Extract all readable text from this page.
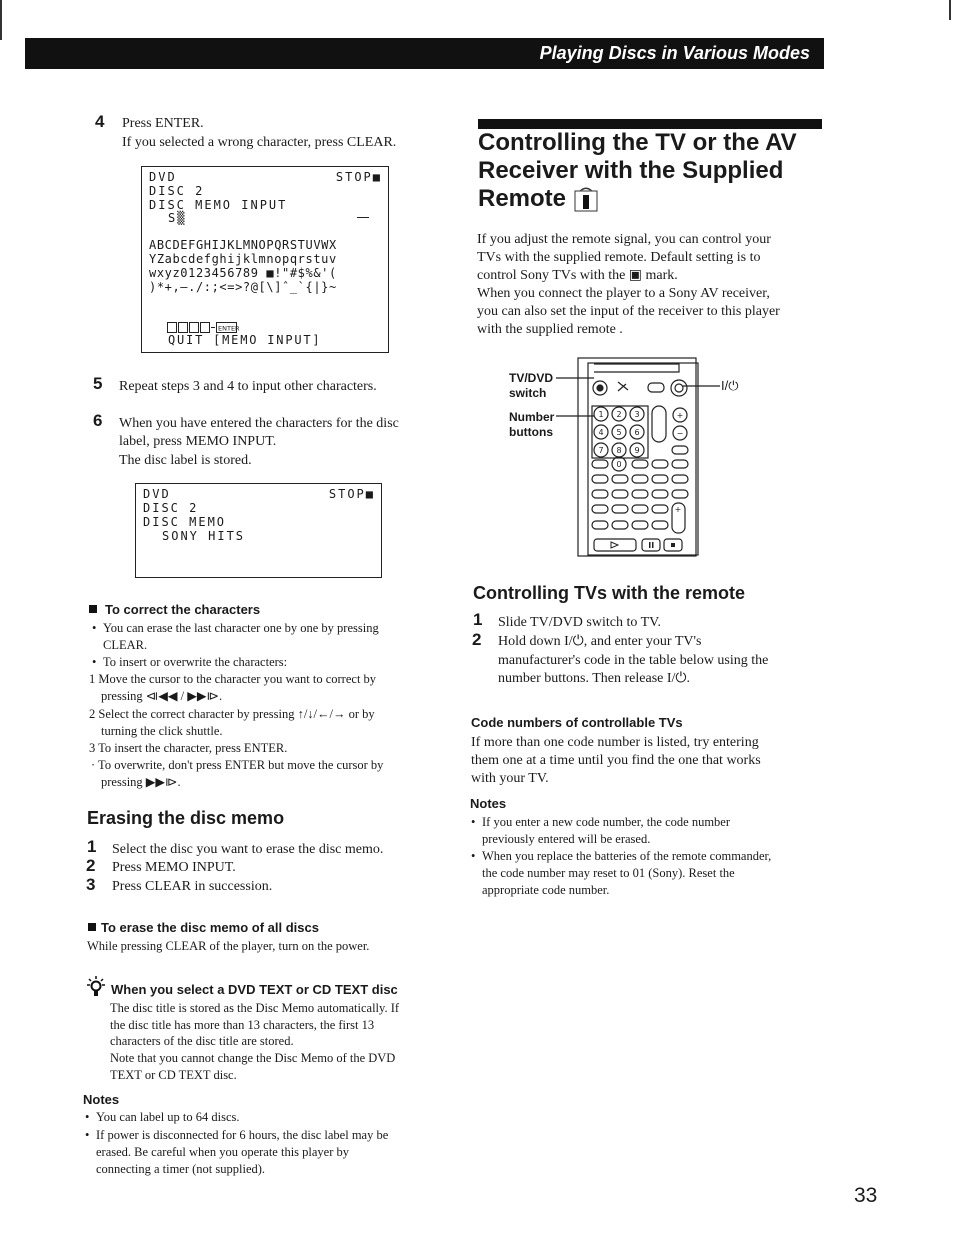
Playing Discs in Various Modes
4 Press ENTER.
If you selected a wrong character, press CLEAR.
DVD	STOP■
DISC 2
DISC MEMO INPUT
S▒
ABCDEFGHIJKLMNOPQRSTUVWX
YZabcdefghijklmnopqrstuv
wxyz0123456789 ■!"#$%&'(
)*+,–./:;<=>?@[\]ˆ_`{|}~
ENTER
QUIT [MEMO INPUT]
5 Repeat steps 3 and 4 to input other characters.
6 When you have entered the characters for the disc
label, press MEMO INPUT.
The disc label is stored.
DVD	STOP■
DISC 2
DISC MEMO
SONY HITS
To correct the characters
• You can erase the last character one by one by pressing
CLEAR.
• To insert or overwrite the characters:
1 Move the cursor to the character you want to correct by
pressing ⧏◀◀ / ▶▶⧐.
2 Select the correct character by pressing ↑/↓/←/→ or by
turning the click shuttle.
3 To insert the character, press ENTER.
· To overwrite, don't press ENTER but move the cursor by
pressing ▶▶⧐.
Erasing the disc memo
1 Select the disc you want to erase the disc memo.
2 Press MEMO INPUT.
3 Press CLEAR in succession.
To erase the disc memo of all discs
While pressing CLEAR of the player, turn on the power.
When you select a DVD TEXT or CD TEXT disc
The disc title is stored as the Disc Memo automatically. If
the disc title has more than 13 characters, the first 13
characters of the disc title are stored.
Note that you cannot change the Disc Memo of the DVD
TEXT or CD TEXT disc.
Notes
• You can label up to 64 discs.
• If power is disconnected for 6 hours, the disc label may be
erased. Be careful when you operate this player by
connecting a timer (not supplied).
Controlling the TV or the AV
Receiver with the Supplied
Remote
If you adjust the remote signal, you can control your
TVs with the supplied remote. Default setting is to
control Sony TVs with the ▣ mark.
When you connect the player to a Sony AV receiver,
you can also set the input of the receiver to this player
with the supplied remote .
TV/DVD
switch
Number
buttons
I/⏻
1 2 3
4 5 6
7 8 9
0
+
−
+
Controlling TVs with the remote
1 Slide TV/DVD switch to TV.
2 Hold down I/⏻, and enter your TV's
manufacturer's code in the table below using the
number buttons. Then release I/⏻.
Code numbers of controllable TVs
If more than one code number is listed, try entering
them one at a time until you find the one that works
with your TV.
Notes
• If you enter a new code number, the code number
previously entered will be erased.
• When you replace the batteries of the remote commander,
the code number may reset to 01 (Sony). Reset the
appropriate code number.
33
